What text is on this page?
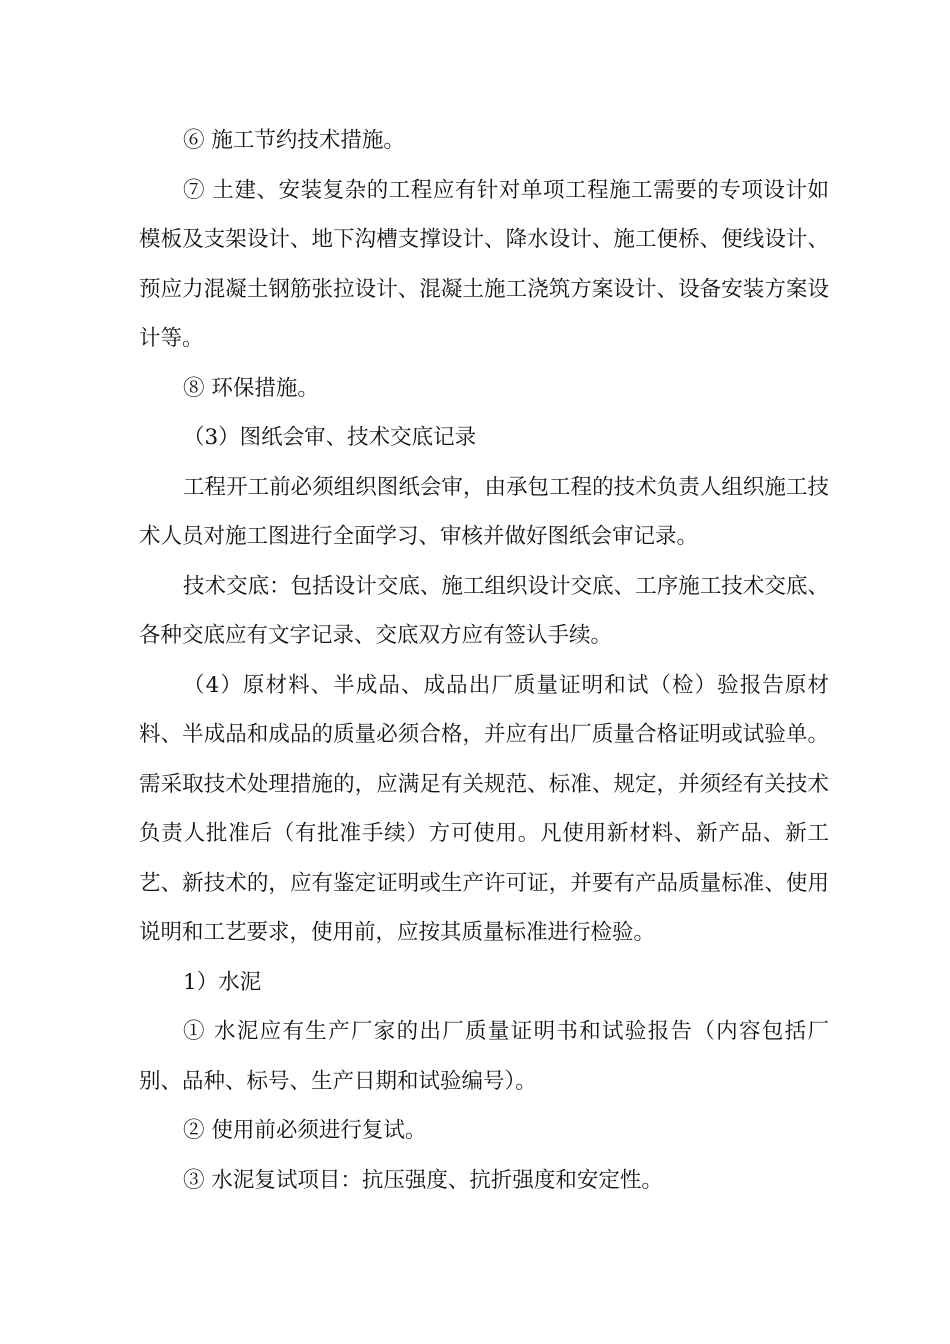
⑥ 施工节约技术措施。

⑦ 土建、安装复杂的工程应有针对单项工程施工需要的专项设计如模板及支架设计、地下沟槽支撑设计、降水设计、施工便桥、便线设计、预应力混凝土钢筋张拉设计、混凝土施工浇筑方案设计、设备安装方案设计等。

⑧ 环保措施。

（3）图纸会审、技术交底记录

工程开工前必须组织图纸会审，由承包工程的技术负责人组织施工技术人员对施工图进行全面学习、审核并做好图纸会审记录。

技术交底：包括设计交底、施工组织设计交底、工序施工技术交底、各种交底应有文字记录、交底双方应有签认手续。

（4）原材料、半成品、成品出厂质量证明和试（检）验报告原材料、半成品和成品的质量必须合格，并应有出厂质量合格证明或试验单。需采取技术处理措施的，应满足有关规范、标准、规定，并须经有关技术负责人批准后（有批准手续）方可使用。凡使用新材料、新产品、新工艺、新技术的，应有鉴定证明或生产许可证，并要有产品质量标准、使用说明和工艺要求，使用前，应按其质量标准进行检验。

1）水泥

① 水泥应有生产厂家的出厂质量证明书和试验报告（内容包括厂别、品种、标号、生产日期和试验编号）。

② 使用前必须进行复试。

③ 水泥复试项目：抗压强度、抗折强度和安定性。
